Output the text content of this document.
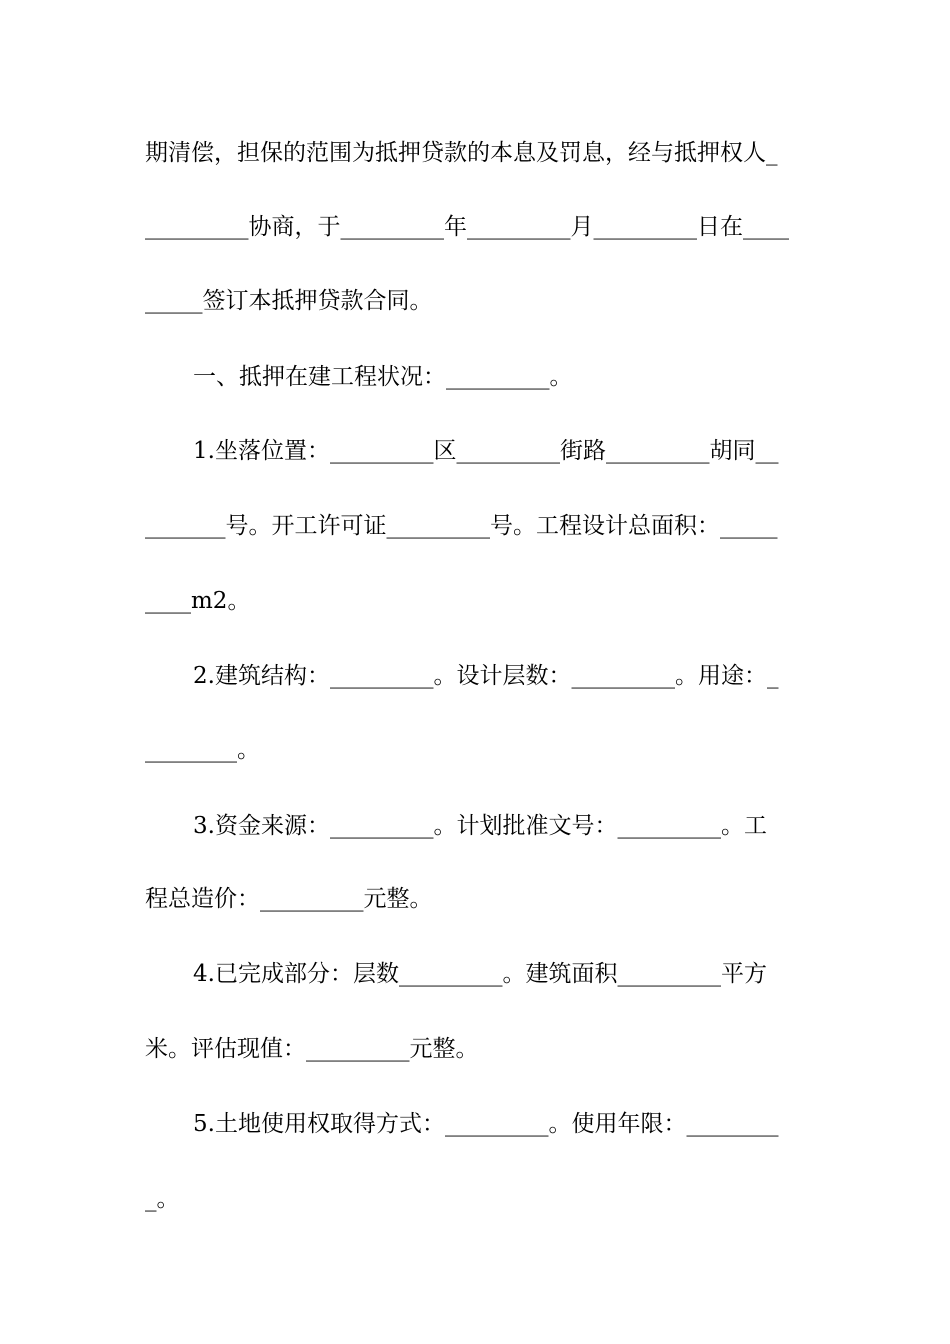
期清偿，担保的范围为抵押贷款的本息及罚息，经与抵押权人_
_________协商，于_________年_________月_________日在____
_____签订本抵押贷款合同。
一、抵押在建工程状况：_________。
1.坐落位置：_________区_________街路_________胡同__
_______号。开工许可证_________号。工程设计总面积：_____
____m2。
2.建筑结构：_________。设计层数：_________。用途：_
________。
3.资金来源：_________。计划批准文号：_________。工
程总造价：_________元整。
4.已完成部分：层数_________。建筑面积_________平方
米。评估现值：_________元整。
5.土地使用权取得方式：_________。使用年限：________
_。
